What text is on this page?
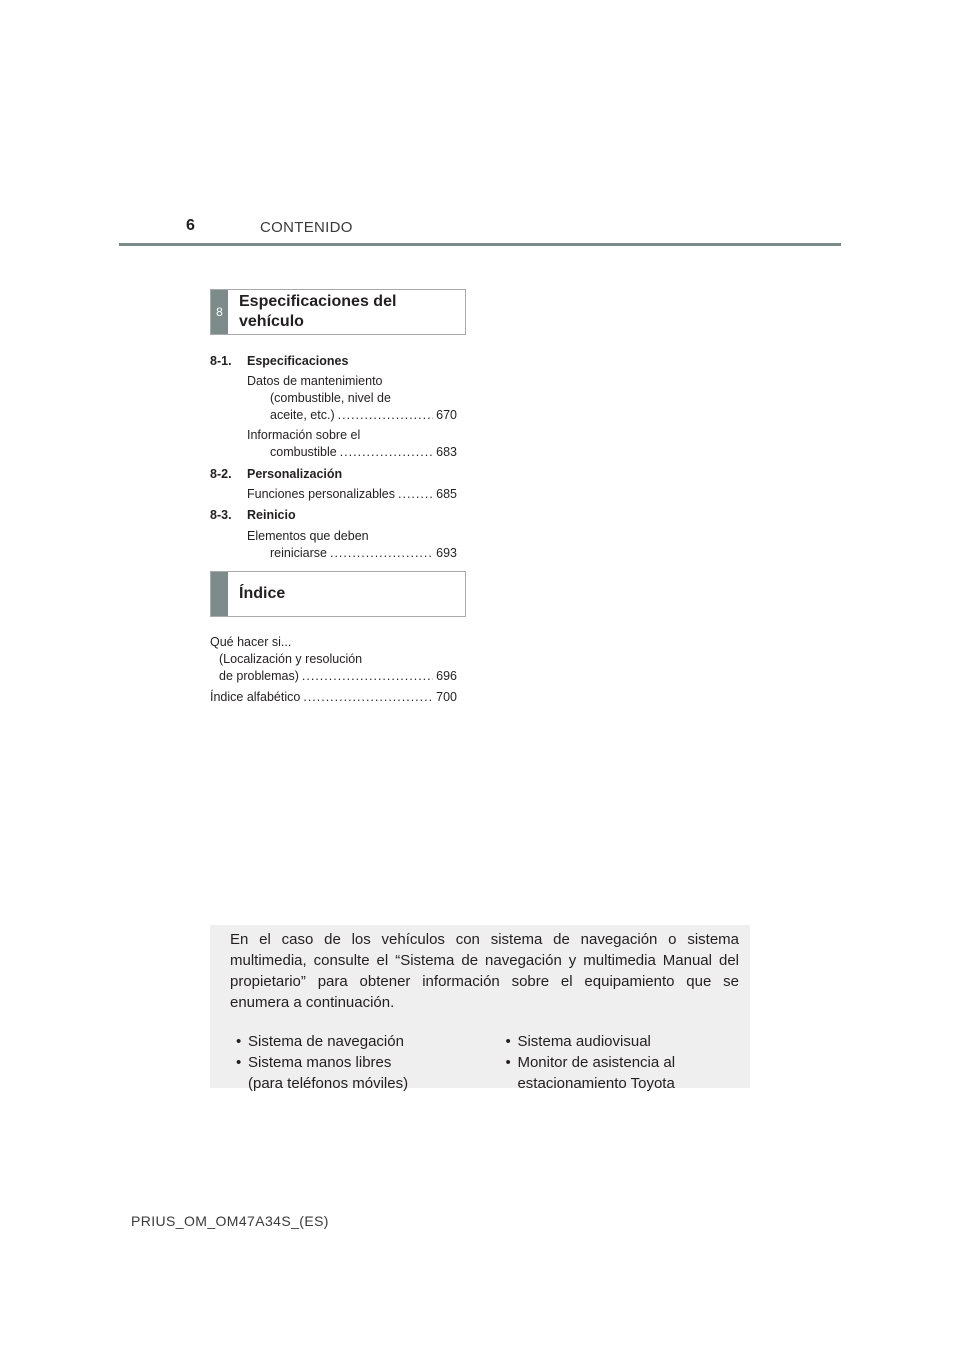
6	CONTENIDO
8
Especificaciones del vehículo
8-1. Especificaciones
Datos de mantenimiento
(combustible, nivel de
aceite, etc.) .....	670
Información sobre el
combustible .....	683
8-2. Personalización
Funciones personalizables .....	685
8-3. Reinicio
Elementos que deben
reiniciarse .....	693
Índice
Qué hacer si...
(Localización y resolución
de problemas) .....	696
Índice alfabético .....	700

En el caso de los vehículos con sistema de navegación o sistema multimedia, consulte el “Sistema de navegación y multimedia Manual del propietario” para obtener información sobre el equipamiento que se enumera a continuación.

• Sistema de navegación
• Sistema manos libres
(para teléfonos móviles)
• Sistema audiovisual
• Monitor de asistencia al
estacionamiento Toyota
PRIUS_OM_OM47A34S_(ES)
